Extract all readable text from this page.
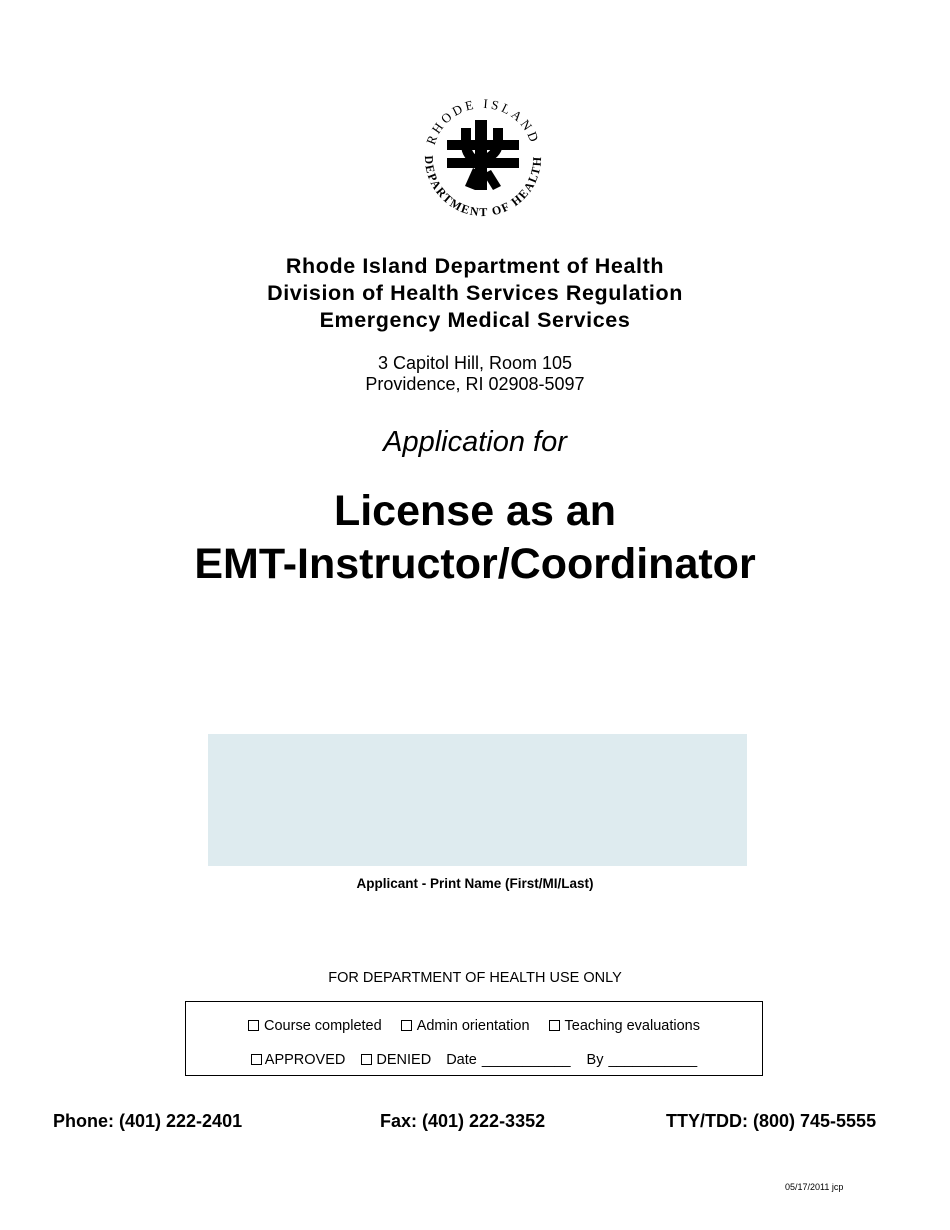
RHODE ISLAND
DEPARTMENT OF HEALTH
Rhode Island Department of Health
Division of Health Services Regulation
Emergency Medical Services
3 Capitol Hill, Room 105
Providence, RI 02908-5097
Application for
License as an
EMT-Instructor/Coordinator
Applicant - Print Name (First/MI/Last)
FOR DEPARTMENT OF HEALTH USE ONLY
Course completed Admin orientation Teaching evaluations
APPROVED DENIED Date ___________ By ___________
Phone: (401) 222-2401	Fax: (401) 222-3352	TTY/TDD: (800) 745-5555
05/17/2011 jcp
